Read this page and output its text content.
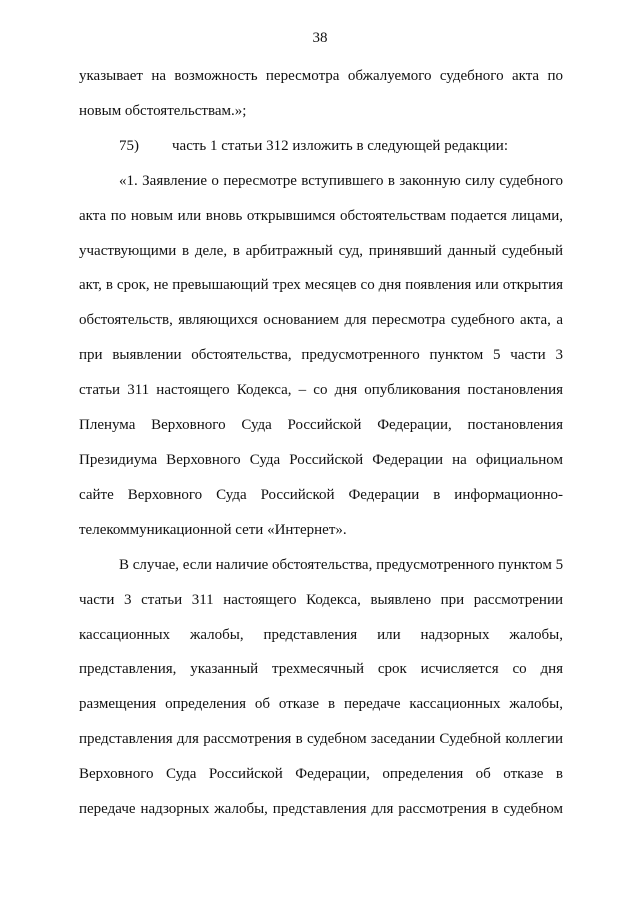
38
указывает на возможность пересмотра обжалуемого судебного акта по
новым обстоятельствам.»;
75) часть 1 статьи 312 изложить в следующей редакции:
«1. Заявление о пересмотре вступившего в законную силу судебного
акта по новым или вновь открывшимся обстоятельствам подается лицами,
участвующими в деле, в арбитражный суд, принявший данный судебный
акт, в срок, не превышающий трех месяцев со дня появления или открытия
обстоятельств, являющихся основанием для пересмотра судебного акта, а
при выявлении обстоятельства, предусмотренного пунктом 5 части 3
статьи 311 настоящего Кодекса, – со дня опубликования постановления
Пленума Верховного Суда Российской Федерации, постановления
Президиума Верховного Суда Российской Федерации на официальном
сайте Верховного Суда Российской Федерации в информационно-
телекоммуникационной сети «Интернет».
В случае, если наличие обстоятельства, предусмотренного пунктом 5
части 3 статьи 311 настоящего Кодекса, выявлено при рассмотрении
кассационных жалобы, представления или надзорных жалобы,
представления, указанный трехмесячный срок исчисляется со дня
размещения определения об отказе в передаче кассационных жалобы,
представления для рассмотрения в судебном заседании Судебной коллегии
Верховного Суда Российской Федерации, определения об отказе в
передаче надзорных жалобы, представления для рассмотрения в судебном
